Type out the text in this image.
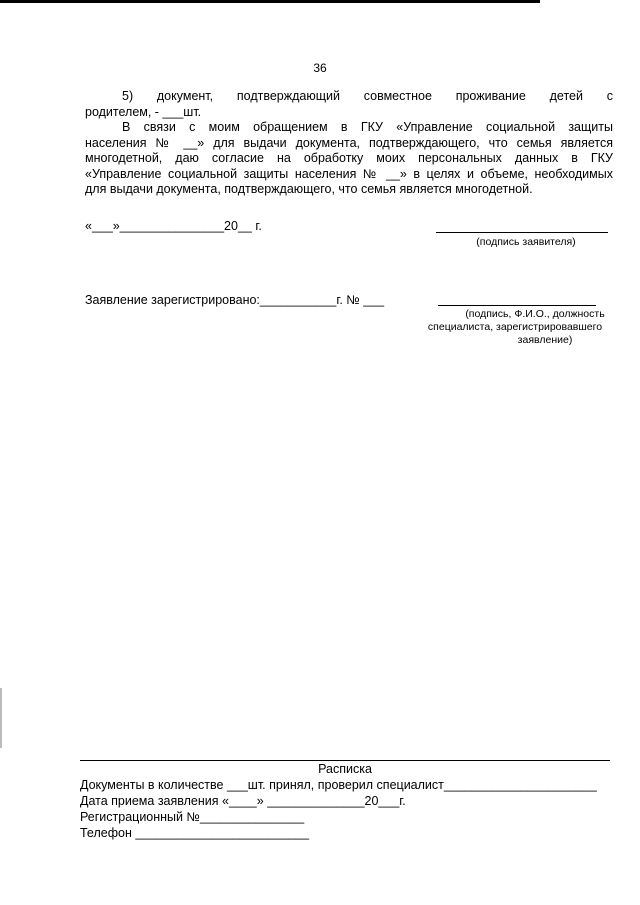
36
5) документ, подтверждающий совместное проживание детей с
родителем, - ___шт.
В связи с моим обращением в ГКУ «Управление социальной защиты
населения № __» для выдачи документа, подтверждающего, что семья является
многодетной, даю согласие на обработку моих персональных данных в ГКУ
«Управление социальной защиты населения № __» в целях и объеме, необходимых
для выдачи документа, подтверждающего, что семья является многодетной.
«___»_______________20__ г.
(подпись заявителя)
Заявление зарегистрировано:___________г. № ___
(подпись, Ф.И.О., должность
специалиста, зарегистрировавшего
заявление)
Расписка
Документы в количестве ___шт. принял, проверил специалист______________________
Дата приема заявления «____» ______________20___г.
Регистрационный №_______________
Телефон _________________________
